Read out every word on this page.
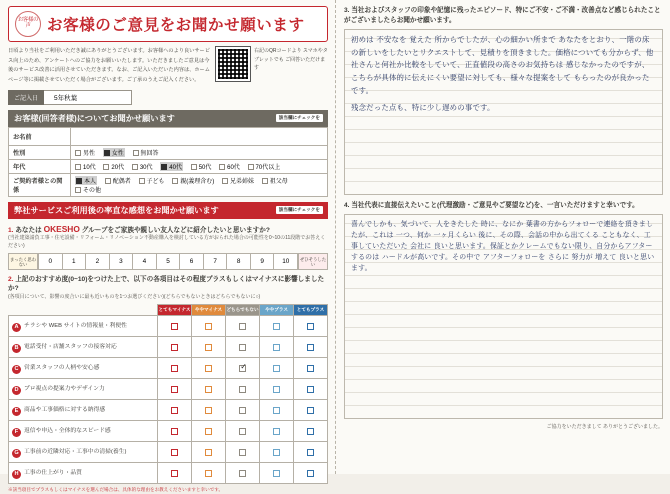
お客様の声	お客様のご意見をお聞かせ願います
日頃より当社をご利用いただき誠にありがとうございます。お客様へのより良いサービス向上のため、アンケートへのご協力をお願いいたします。いただきましたご意見は今後のサービス改善に活用させていただきます。なお、ご記入いただいた内容は、ホームページ等に掲載させていただく場合がございます。ご了承のうえご記入ください。
右記のQRコードより スマホやタブレットでも ご回答いただけます
ご記入日	5年秋葉
お客様(回答者様)についてお聞かせ願います	該当欄にチェックを
お名前	
性別	男性 女性 無回答
年代	10代 20代 30代 40代 50代 60代 70代以上
ご契約者様との関係	本人 配偶者 子ども 親(義理含む) 兄弟姉妹 祖父母 その他
弊社サービスご利用後の率直な感想をお聞かせ願います	該当欄にチェックを
1. あなたは OKESHO グループをご家族や親しい友人などに紹介したいと思いますか?
(当社建築請負工事・住宅設備・リフォーム・リノベーション不動産購入を検討している方がおられた場合の可能性を0~10の11段階でお答えください)
まったく思わない	0	1	2	3	4	5	6	7	8	9	10	ぜひそうしたい
2. 上記のおすすめ度(0~10)をつけた上で、以下の各項目はその程度プラスもしくはマイナスに影響しましたか?
(各項目について、影響の度合いに最も近いものを1つお選びください)(どちらでもないときはどちらでもないに○)
	とてもマイナス	ややマイナス	どちらでもない	ややプラス	とてもプラス
A チラシや WEB サイトの情報量・利便性					
B 電話受付・店舗スタッフの接客対応					
C 営業スタッフの人柄や安心感			✓		
D プロ視点の提案力やデザイン力					
E 商品や工事価格に対する納得感					
F 返信や申込・全体的なスピード感					
G 工事前の近隣対応・工事中の清掃(養生)					
H 工事の仕上がり・品質					
※該当項目でプラスもしくはマイナスを選んだ場合は、具体的な理由をお教えくださいますと幸いです。
3. 当社およびスタッフの印象や記憶に残ったエピソード、特にご不安・ご不満・改善点など感じられたことがございましたらお聞かせ願います。
初めは 不安なを 覚えた 所からでしたが、心の細かい所まで あなたをとおり、一階の床の新しいをしたいとリクエストして、見積りを頂きました。価格についても分からず、他社さんと何社か比較をしていて、正直値段の高さのお気持ちは 感じなかったのですが、こちらが具体的に伝えにくい要望に対しても、様々な提案をして もらったのが良かったです。
残念だった点も、特に少し遅めの事です。
4. 当社代表に直接伝えたいこと(代理激励・ご意見やご要望など)を、一言いただけますと幸いです。
喜んでしかも、気づいて、人をきたした 時に、なにか 葉書の方からフォローで連絡を頂きましたが、これは 一つ、何か 一ヶ月くらい 後に、その際、会話の中から出てくる こともなく、工事していただいた 会社に 良いと思います。保証とかクレームでもない限り、自分からアフターするのは ハードルが高いです。その中で アフターフォローを さらに 努力が 増えて 良いと思います。
ご協力をいただきまして ありがとうございました。
